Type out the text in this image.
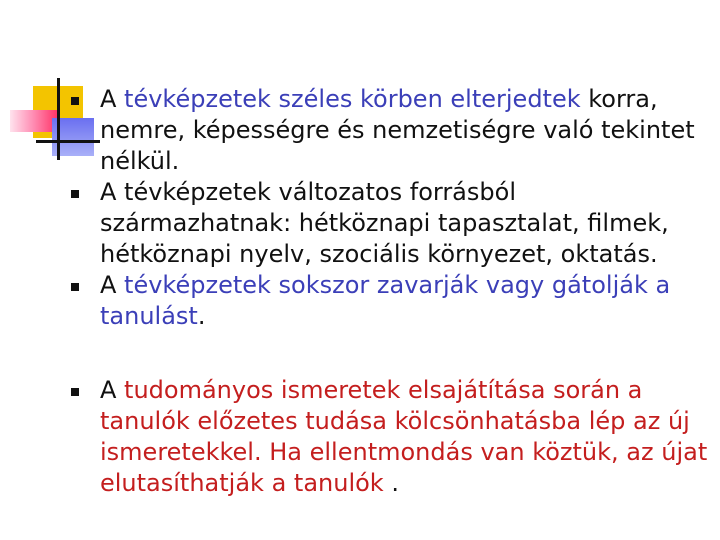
A tévképzetek széles körben elterjedtek korra, nemre, képességre és nemzetiségre való tekintet nélkül.
A tévképzetek változatos forrásból származhatnak: hétköznapi tapasztalat, filmek, hétköznapi nyelv, szociális környezet, oktatás.
A tévképzetek sokszor zavarják vagy gátolják a tanulást.
A tudományos ismeretek elsajátítása során a tanulók előzetes tudása kölcsönhatásba lép az új ismeretekkel. Ha ellentmondás van köztük, az újat elutasíthatják a tanulók .
